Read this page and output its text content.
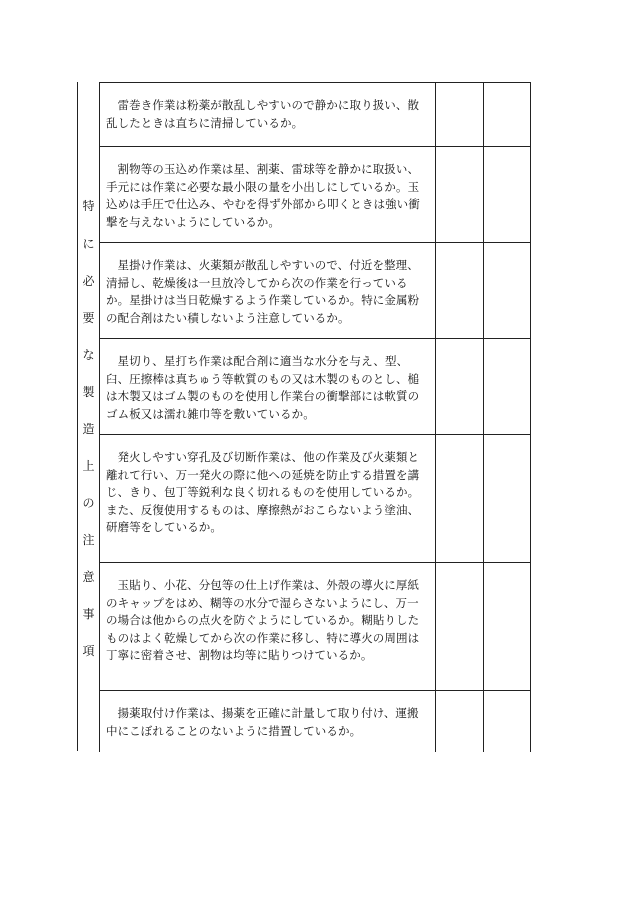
特
に
必
要
な
製
造
上
の
注
意
事
項
雷巻き作業は粉薬が散乱しやすいので静かに取り扱い、散乱したときは直ちに清掃しているか。		
割物等の玉込め作業は星、割薬、雷球等を静かに取扱い、手元には作業に必要な最小限の量を小出しにしているか。玉込めは手圧で仕込み、やむを得ず外部から叩くときは強い衝撃を与えないようにしているか。		
星掛け作業は、火薬類が散乱しやすいので、付近を整理、清掃し、乾燥後は一旦放冷してから次の作業を行っているか。星掛けは当日乾燥するよう作業しているか。特に金属粉の配合剤はたい積しないよう注意しているか。		
星切り、星打ち作業は配合剤に適当な水分を与え、型、臼、圧擦棒は真ちゅう等軟質のもの又は木製のものとし、槌は木製又はゴム製のものを使用し作業台の衝撃部には軟質のゴム板又は濡れ雑巾等を敷いているか。		
発火しやすい穿孔及び切断作業は、他の作業及び火薬類と離れて行い、万一発火の際に他への延焼を防止する措置を講じ、きり、包丁等鋭利な良く切れるものを使用しているか。また、反復使用するものは、摩擦熱がおこらないよう塗油、研磨等をしているか。		
玉貼り、小花、分包等の仕上げ作業は、外殻の導火に厚紙のキャップをはめ、糊等の水分で湿らさないようにし、万一の場合は他からの点火を防ぐようにしているか。糊貼りしたものはよく乾燥してから次の作業に移し、特に導火の周囲は丁寧に密着させ、割物は均等に貼りつけているか。		
揚薬取付け作業は、揚薬を正確に計量して取り付け、運搬中にこぼれることのないように措置しているか。		
